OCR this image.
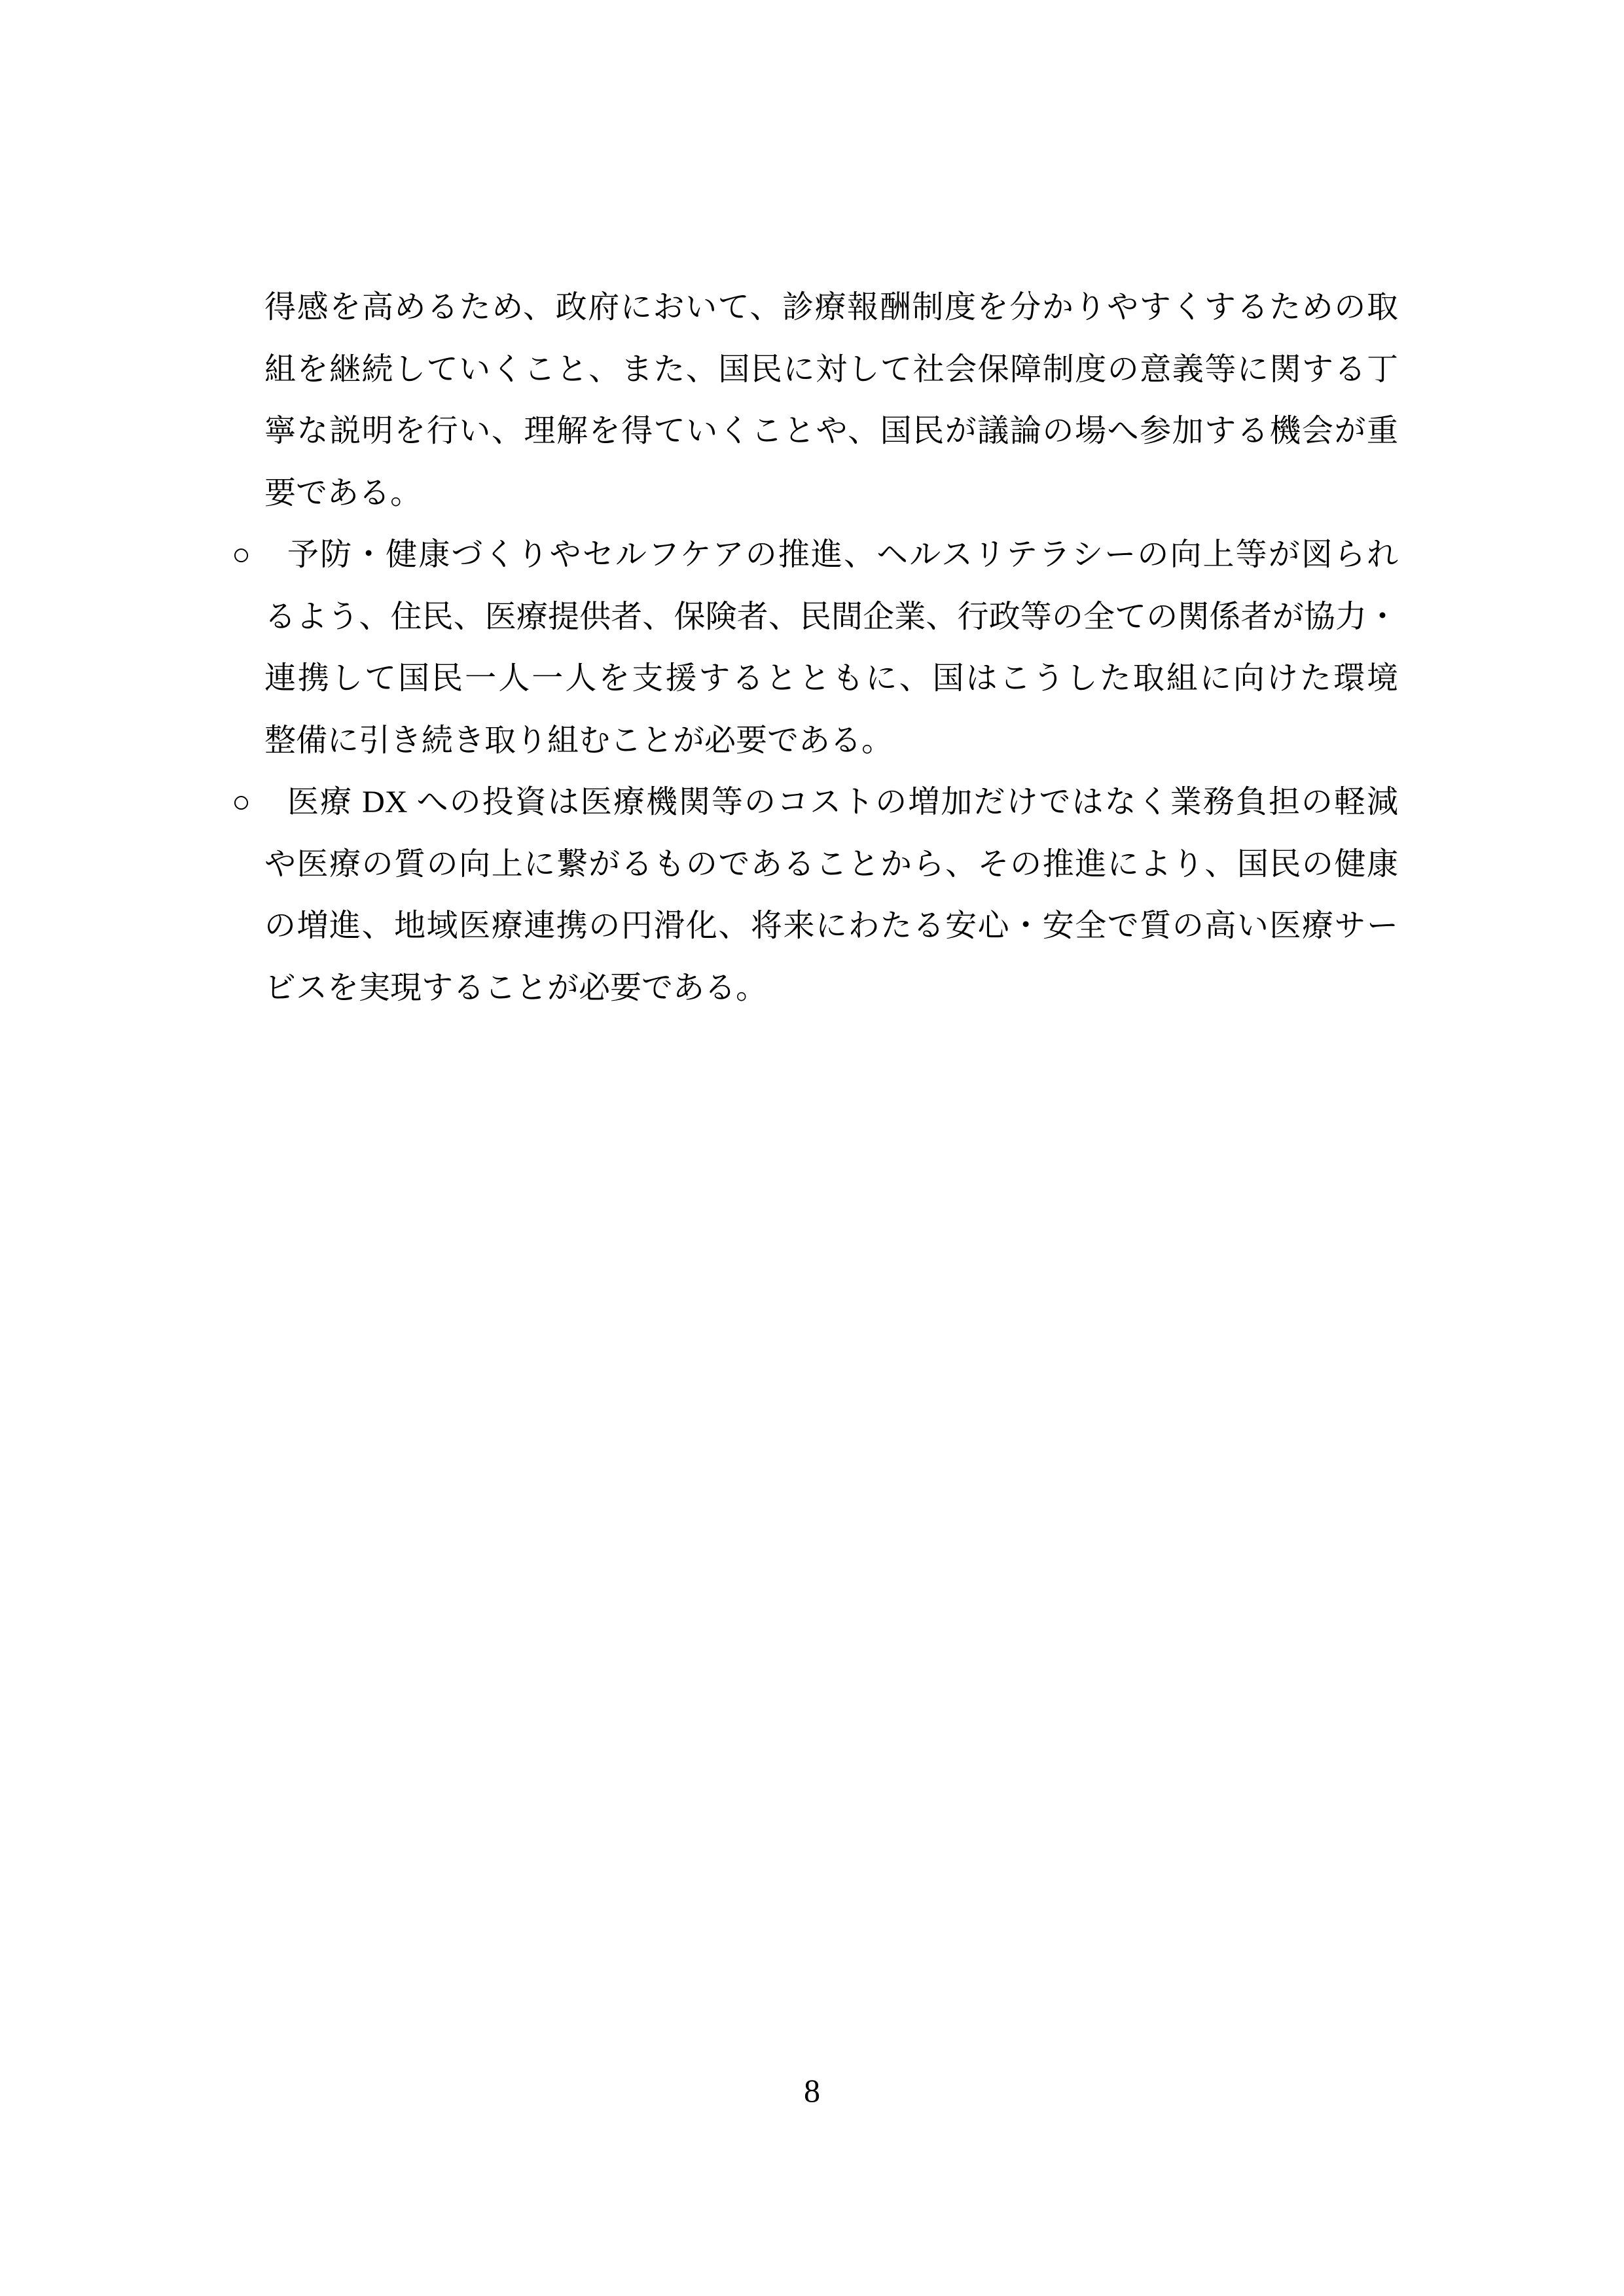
得感を高めるため、政府において、診療報酬制度を分かりやすくするための取
組を継続していくこと、また、国民に対して社会保障制度の意義等に関する丁
寧な説明を行い、理解を得ていくことや、国民が議論の場へ参加する機会が重
要である。
○ 予防・健康づくりやセルフケアの推進、ヘルスリテラシーの向上等が図られ
るよう、住民、医療提供者、保険者、民間企業、行政等の全ての関係者が協力・
連携して国民一人一人を支援するとともに、国はこうした取組に向けた環境
整備に引き続き取り組むことが必要である。
○ 医療 DX への投資は医療機関等のコストの増加だけではなく業務負担の軽減
や医療の質の向上に繋がるものであることから、その推進により、国民の健康
の増進、地域医療連携の円滑化、将来にわたる安心・安全で質の高い医療サー
ビスを実現することが必要である。
8
